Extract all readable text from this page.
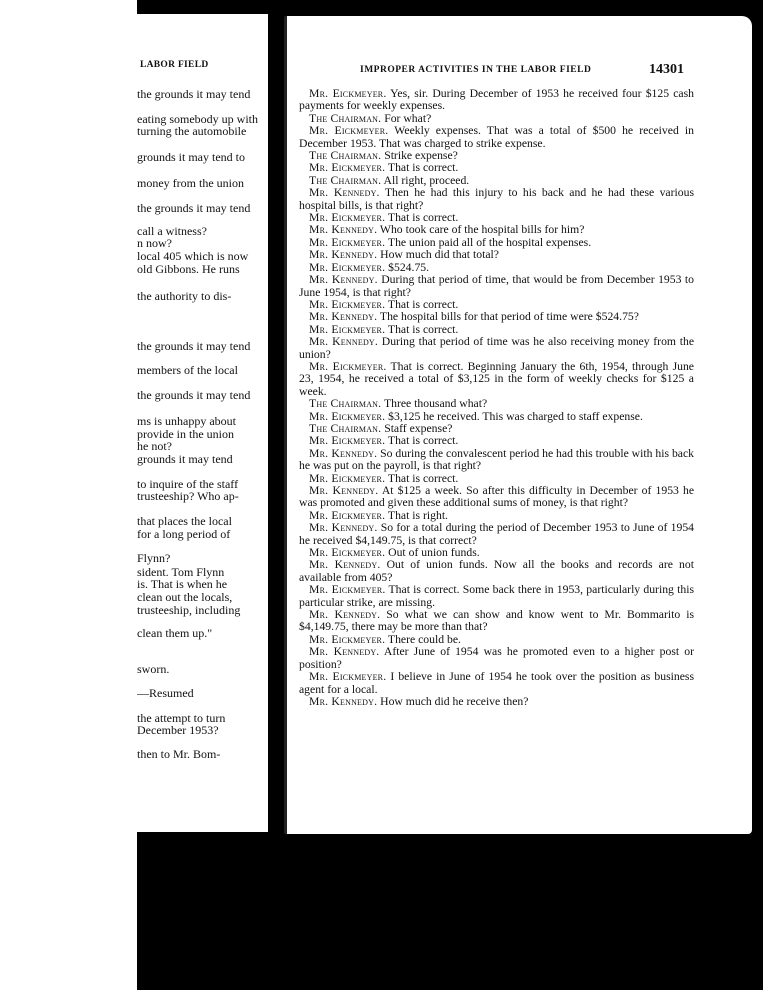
LABOR FIELD
the grounds it may tend
eating somebody up with
turning the automobile
grounds it may tend to
money from the union
the grounds it may tend
call a witness?
n now?
local 405 which is now
old Gibbons. He runs
the authority to dis-
the grounds it may tend
members of the local
the grounds it may tend
ms is unhappy about
provide in the union
he not?
grounds it may tend
to inquire of the staff
trusteeship? Who ap-
that places the local
for a long period of
Flynn?
sident. Tom Flynn
is. That is when he
clean out the locals,
trusteeship, including
clean them up."
sworn.
—Resumed
the attempt to turn
December 1953?
then to Mr. Bom-
IMPROPER ACTIVITIES IN THE LABOR FIELD	14301

Mr. Eickmeyer. Yes, sir. During December of 1953 he received four $125 cash payments for weekly expenses.

The Chairman. For what?

Mr. Eickmeyer. Weekly expenses. That was a total of $500 he received in December 1953. That was charged to strike expense.

The Chairman. Strike expense?

Mr. Eickmeyer. That is correct.

The Chairman. All right, proceed.

Mr. Kennedy. Then he had this injury to his back and he had these various hospital bills, is that right?

Mr. Eickmeyer. That is correct.

Mr. Kennedy. Who took care of the hospital bills for him?

Mr. Eickmeyer. The union paid all of the hospital expenses.

Mr. Kennedy. How much did that total?

Mr. Eickmeyer. $524.75.

Mr. Kennedy. During that period of time, that would be from December 1953 to June 1954, is that right?

Mr. Eickmeyer. That is correct.

Mr. Kennedy. The hospital bills for that period of time were $524.75?

Mr. Eickmeyer. That is correct.

Mr. Kennedy. During that period of time was he also receiving money from the union?

Mr. Eickmeyer. That is correct. Beginning January the 6th, 1954, through June 23, 1954, he received a total of $3,125 in the form of weekly checks for $125 a week.

The Chairman. Three thousand what?

Mr. Eickmeyer. $3,125 he received. This was charged to staff expense.

The Chairman. Staff expense?

Mr. Eickmeyer. That is correct.

Mr. Kennedy. So during the convalescent period he had this trouble with his back he was put on the payroll, is that right?

Mr. Eickmeyer. That is correct.

Mr. Kennedy. At $125 a week. So after this difficulty in December of 1953 he was promoted and given these additional sums of money, is that right?

Mr. Eickmeyer. That is right.

Mr. Kennedy. So for a total during the period of December 1953 to June of 1954 he received $4,149.75, is that correct?

Mr. Eickmeyer. Out of union funds.

Mr. Kennedy. Out of union funds. Now all the books and records are not available from 405?

Mr. Eickmeyer. That is correct. Some back there in 1953, particularly during this particular strike, are missing.

Mr. Kennedy. So what we can show and know went to Mr. Bommarito is $4,149.75, there may be more than that?

Mr. Eickmeyer. There could be.

Mr. Kennedy. After June of 1954 was he promoted even to a higher post or position?

Mr. Eickmeyer. I believe in June of 1954 he took over the position as business agent for a local.

Mr. Kennedy. How much did he receive then?
